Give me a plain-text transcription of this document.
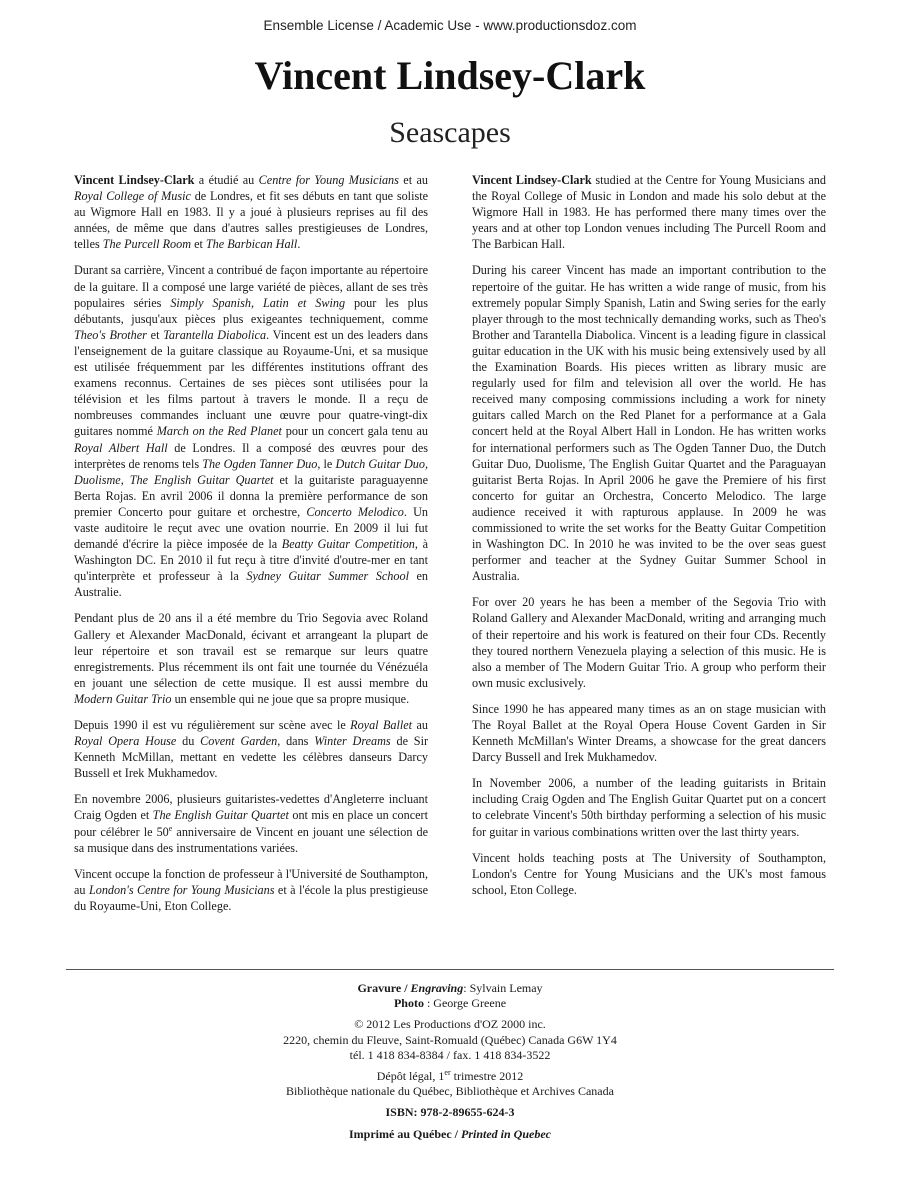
Ensemble License / Academic Use - www.productionsdoz.com
Vincent Lindsey-Clark
Seascapes

Vincent Lindsey-Clark a étudié au Centre for Young Musicians et au Royal College of Music de Londres, et fit ses débuts en tant que soliste au Wigmore Hall en 1983. Il y a joué à plusieurs reprises au fil des années, de même que dans d'autres salles prestigieuses de Londres, telles The Purcell Room et The Barbican Hall.

Durant sa carrière, Vincent a contribué de façon importante au répertoire de la guitare. Il a composé une large variété de pièces, allant de ses très populaires séries Simply Spanish, Latin et Swing pour les plus débutants, jusqu'aux pièces plus exigeantes techniquement, comme Theo's Brother et Tarantella Diabolica. Vincent est un des leaders dans l'enseignement de la guitare classique au Royaume-Uni, et sa musique est utilisée fréquemment par les différentes institutions offrant des examens reconnus. Certaines de ses pièces sont utilisées pour la télévision et les films partout à travers le monde. Il a reçu de nombreuses commandes incluant une œuvre pour quatre-vingt-dix guitares nommé March on the Red Planet pour un concert gala tenu au Royal Albert Hall de Londres. Il a composé des œuvres pour des interprètes de renoms tels The Ogden Tanner Duo, le Dutch Guitar Duo, Duolisme, The English Guitar Quartet et la guitariste paraguayenne Berta Rojas. En avril 2006 il donna la première performance de son premier Concerto pour guitare et orchestre, Concerto Melodico. Un vaste auditoire le reçut avec une ovation nourrie. En 2009 il lui fut demandé d'écrire la pièce imposée de la Beatty Guitar Competition, à Washington DC. En 2010 il fut reçu à titre d'invité d'outre-mer en tant qu'interprète et professeur à la Sydney Guitar Summer School en Australie.

Pendant plus de 20 ans il a été membre du Trio Segovia avec Roland Gallery et Alexander MacDonald, écivant et arrangeant la plupart de leur répertoire et son travail est se remarque sur leurs quatre enregistrements. Plus récemment ils ont fait une tournée du Vénézuéla en jouant une sélection de cette musique. Il est aussi membre du Modern Guitar Trio un ensemble qui ne joue que sa propre musique.

Depuis 1990 il est vu régulièrement sur scène avec le Royal Ballet au Royal Opera House du Covent Garden, dans Winter Dreams de Sir Kenneth McMillan, mettant en vedette les célèbres danseurs Darcy Bussell et Irek Mukhamedov.

En novembre 2006, plusieurs guitaristes-vedettes d'Angleterre incluant Craig Ogden et The English Guitar Quartet ont mis en place un concert pour célébrer le 50e anniversaire de Vincent en jouant une sélection de sa musique dans des instrumentations variées.

Vincent occupe la fonction de professeur à l'Université de Southampton, au London's Centre for Young Musicians et à l'école la plus prestigieuse du Royaume-Uni, Eton College.

Vincent Lindsey-Clark studied at the Centre for Young Musicians and the Royal College of Music in London and made his solo debut at the Wigmore Hall in 1983. He has performed there many times over the years and at other top London venues including The Purcell Room and The Barbican Hall.

During his career Vincent has made an important contribution to the repertoire of the guitar. He has written a wide range of music, from his extremely popular Simply Spanish, Latin and Swing series for the early player through to the most technically demanding works, such as Theo's Brother and Tarantella Diabolica. Vincent is a leading figure in classical guitar education in the UK with his music being extensively used by all the Examination Boards. His pieces written as library music are regularly used for film and television all over the world. He has received many composing commissions including a work for ninety guitars called March on the Red Planet for a performance at a Gala concert held at the Royal Albert Hall in London. He has written works for international performers such as The Ogden Tanner Duo, the Dutch Guitar Duo, Duolisme, The English Guitar Quartet and the Paraguayan guitarist Berta Rojas. In April 2006 he gave the Premiere of his first concerto for guitar an Orchestra, Concerto Melodico. The large audience received it with rapturous applause. In 2009 he was commissioned to write the set works for the Beatty Guitar Competition in Washington DC. In 2010 he was invited to be the over seas guest performer and teacher at the Sydney Guitar Summer School in Australia.

For over 20 years he has been a member of the Segovia Trio with Roland Gallery and Alexander MacDonald, writing and arranging much of their repertoire and his work is featured on their four CDs. Recently they toured northern Venezuela playing a selection of this music. He is also a member of The Modern Guitar Trio. A group who perform their own music exclusively.

Since 1990 he has appeared many times as an on stage musician with The Royal Ballet at the Royal Opera House Covent Garden in Sir Kenneth McMillan's Winter Dreams, a showcase for the great dancers Darcy Bussell and Irek Mukhamedov.

In November 2006, a number of the leading guitarists in Britain including Craig Ogden and The English Guitar Quartet put on a concert to celebrate Vincent's 50th birthday performing a selection of his music for guitar in various combinations written over the last thirty years.

Vincent holds teaching posts at The University of Southampton, London's Centre for Young Musicians and the UK's most famous school, Eton College.

Gravure / Engraving: Sylvain Lemay
Photo : George Greene
© 2012 Les Productions d'OZ 2000 inc.
2220, chemin du Fleuve, Saint-Romuald (Québec) Canada G6W 1Y4
tél. 1 418 834-8384 / fax. 1 418 834-3522
Dépôt légal, 1er trimestre 2012
Bibliothèque nationale du Québec, Bibliothèque et Archives Canada
ISBN: 978-2-89655-624-3
Imprimé au Québec / Printed in Quebec
